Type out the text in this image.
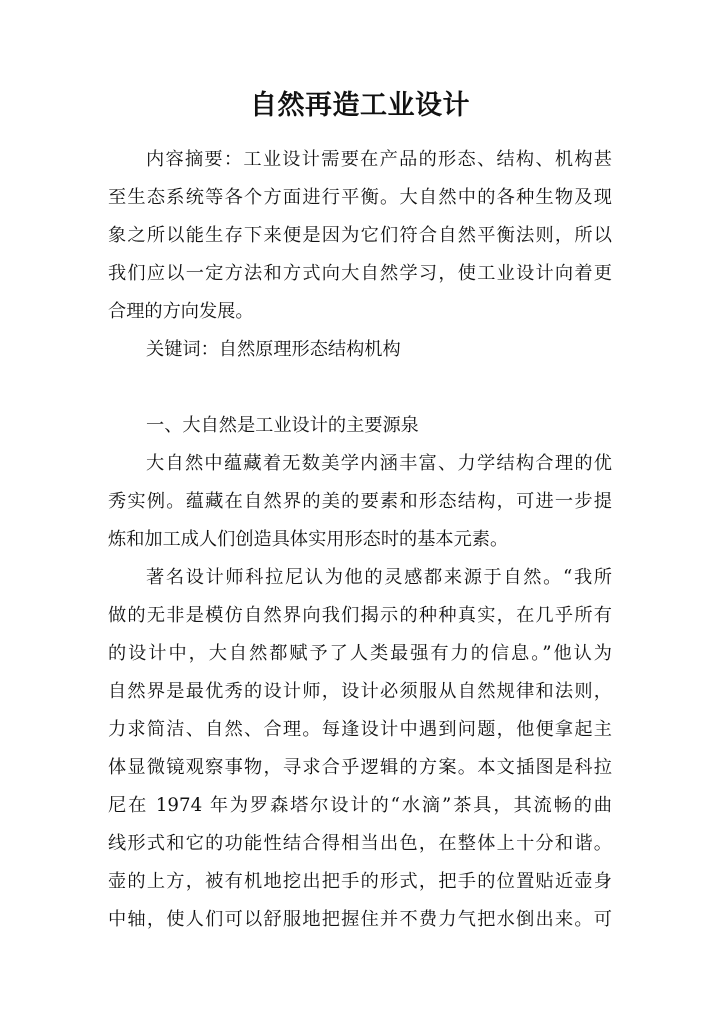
自然再造工业设计
内容摘要：工业设计需要在产品的形态、结构、机构甚
至生态系统等各个方面进行平衡。大自然中的各种生物及现
象之所以能生存下来便是因为它们符合自然平衡法则，所以
我们应以一定方法和方式向大自然学习，使工业设计向着更
合理的方向发展。
关键词：自然原理形态结构机构
一、大自然是工业设计的主要源泉
大自然中蕴藏着无数美学内涵丰富、力学结构合理的优
秀实例。蕴藏在自然界的美的要素和形态结构，可进一步提
炼和加工成人们创造具体实用形态时的基本元素。
著名设计师科拉尼认为他的灵感都来源于自然。“我所
做的无非是模仿自然界向我们揭示的种种真实，在几乎所有
的设计中，大自然都赋予了人类最强有力的信息。”他认为
自然界是最优秀的设计师，设计必须服从自然规律和法则，
力求简洁、自然、合理。每逢设计中遇到问题，他便拿起主
体显微镜观察事物，寻求合乎逻辑的方案。本文插图是科拉
尼在 1974 年为罗森塔尔设计的“水滴”茶具，其流畅的曲
线形式和它的功能性结合得相当出色，在整体上十分和谐。
壶的上方，被有机地挖出把手的形式，把手的位置贴近壶身
中轴，使人们可以舒服地把握住并不费力气把水倒出来。可
